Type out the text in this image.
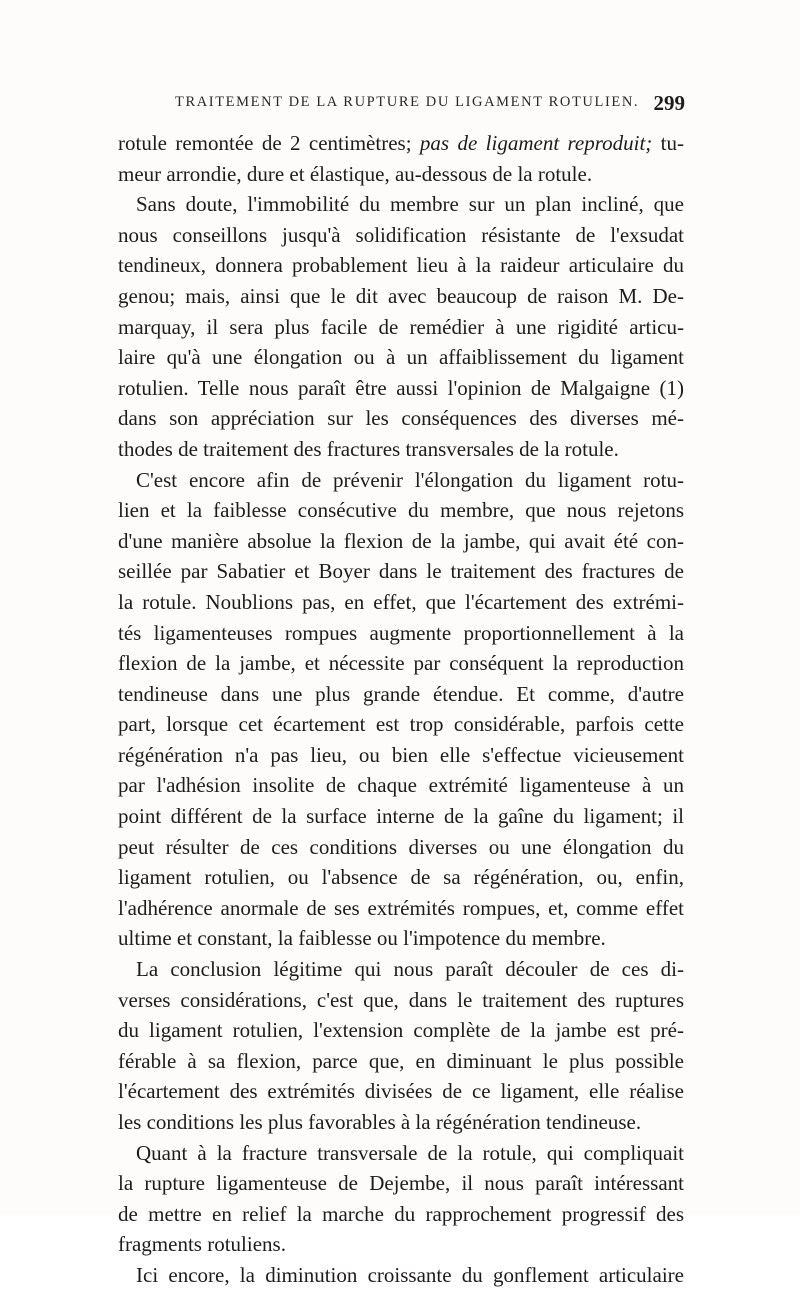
TRAITEMENT DE LA RUPTURE DU LIGAMENT ROTULIEN. 299
rotule remontée de 2 centimètres; pas de ligament reproduit; tu-
meur arrondie, dure et élastique, au-dessous de la rotule.
Sans doute, l'immobilité du membre sur un plan incliné, que
nous conseillons jusqu'à solidification résistante de l'exsudat
tendineux, donnera probablement lieu à la raideur articulaire du
genou; mais, ainsi que le dit avec beaucoup de raison M. De-
marquay, il sera plus facile de remédier à une rigidité articu-
laire qu'à une élongation ou à un affaiblissement du ligament
rotulien. Telle nous paraît être aussi l'opinion de Malgaigne (1)
dans son appréciation sur les conséquences des diverses mé-
thodes de traitement des fractures transversales de la rotule.
C'est encore afin de prévenir l'élongation du ligament rotu-
lien et la faiblesse consécutive du membre, que nous rejetons
d'une manière absolue la flexion de la jambe, qui avait été con-
seillée par Sabatier et Boyer dans le traitement des fractures de
la rotule. Noublions pas, en effet, que l'écartement des extrémi-
tés ligamenteuses rompues augmente proportionnellement à la
flexion de la jambe, et nécessite par conséquent la reproduction
tendineuse dans une plus grande étendue. Et comme, d'autre
part, lorsque cet écartement est trop considérable, parfois cette
régénération n'a pas lieu, ou bien elle s'effectue vicieusement
par l'adhésion insolite de chaque extrémité ligamenteuse à un
point différent de la surface interne de la gaîne du ligament; il
peut résulter de ces conditions diverses ou une élongation du
ligament rotulien, ou l'absence de sa régénération, ou, enfin,
l'adhérence anormale de ses extrémités rompues, et, comme effet
ultime et constant, la faiblesse ou l'impotence du membre.
La conclusion légitime qui nous paraît découler de ces di-
verses considérations, c'est que, dans le traitement des ruptures
du ligament rotulien, l'extension complète de la jambe est pré-
férable à sa flexion, parce que, en diminuant le plus possible
l'écartement des extrémités divisées de ce ligament, elle réalise
les conditions les plus favorables à la régénération tendineuse.
Quant à la fracture transversale de la rotule, qui compliquait
la rupture ligamenteuse de Dejembe, il nous paraît intéressant
de mettre en relief la marche du rapprochement progressif des
fragments rotuliens.
Ici encore, la diminution croissante du gonflement articulaire
